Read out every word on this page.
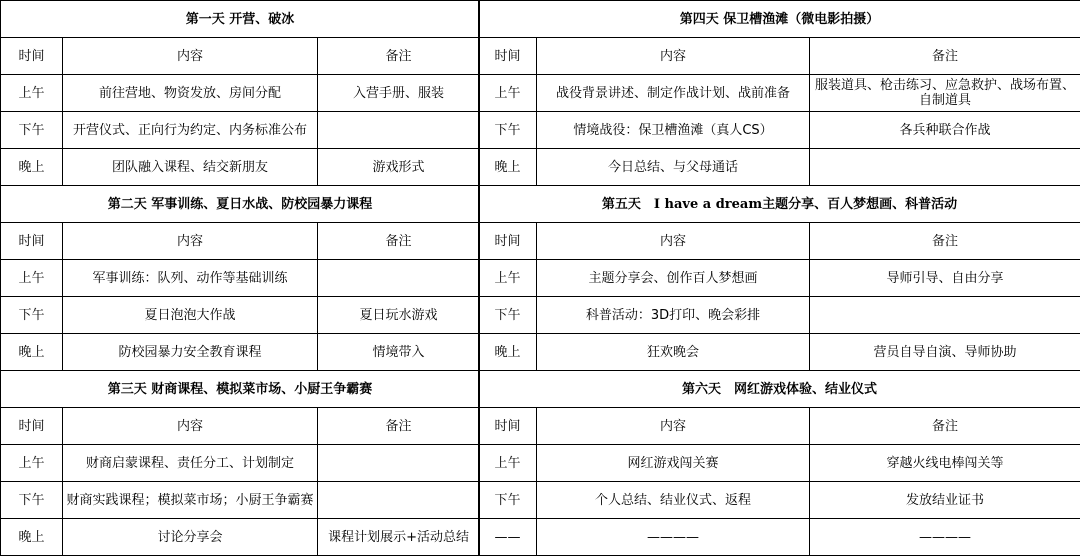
第一天 开营、破冰		
时间	内容	备注
上午	前往营地、物资发放、房间分配	入营手册、服装
下午	开营仪式、正向行为约定、内务标准公布	
晚上	团队融入课程、结交新朋友	游戏形式
第二天 军事训练、夏日水战、防校园暴力课程		
时间	内容	备注
上午	军事训练：队列、动作等基础训练	
下午	夏日泡泡大作战	夏日玩水游戏
晚上	防校园暴力安全教育课程	情境带入
第三天 财商课程、模拟菜市场、小厨王争霸赛		
时间	内容	备注
上午	财商启蒙课程、责任分工、计划制定	
下午	财商实践课程；模拟菜市场；小厨王争霸赛	
晚上	讨论分享会	课程计划展示+活动总结
第四天 保卫槽渔滩（微电影拍摄）		
时间	内容	备注
上午	战役背景讲述、制定作战计划、战前准备	服装道具、枪击练习、应急救护、战场布置、自制道具
下午	情境战役：保卫槽渔滩（真人CS）	各兵种联合作战
晚上	今日总结、与父母通话	
第五天　I have a dream主题分享、百人梦想画、科普活动		
时间	内容	备注
上午	主题分享会、创作百人梦想画	导师引导、自由分享
下午	科普活动：3D打印、晚会彩排	
晚上	狂欢晚会	营员自导自演、导师协助
第六天　网红游戏体验、结业仪式		
时间	内容	备注
上午	网红游戏闯关赛	穿越火线电棒闯关等
下午	个人总结、结业仪式、返程	发放结业证书
——	————	————
